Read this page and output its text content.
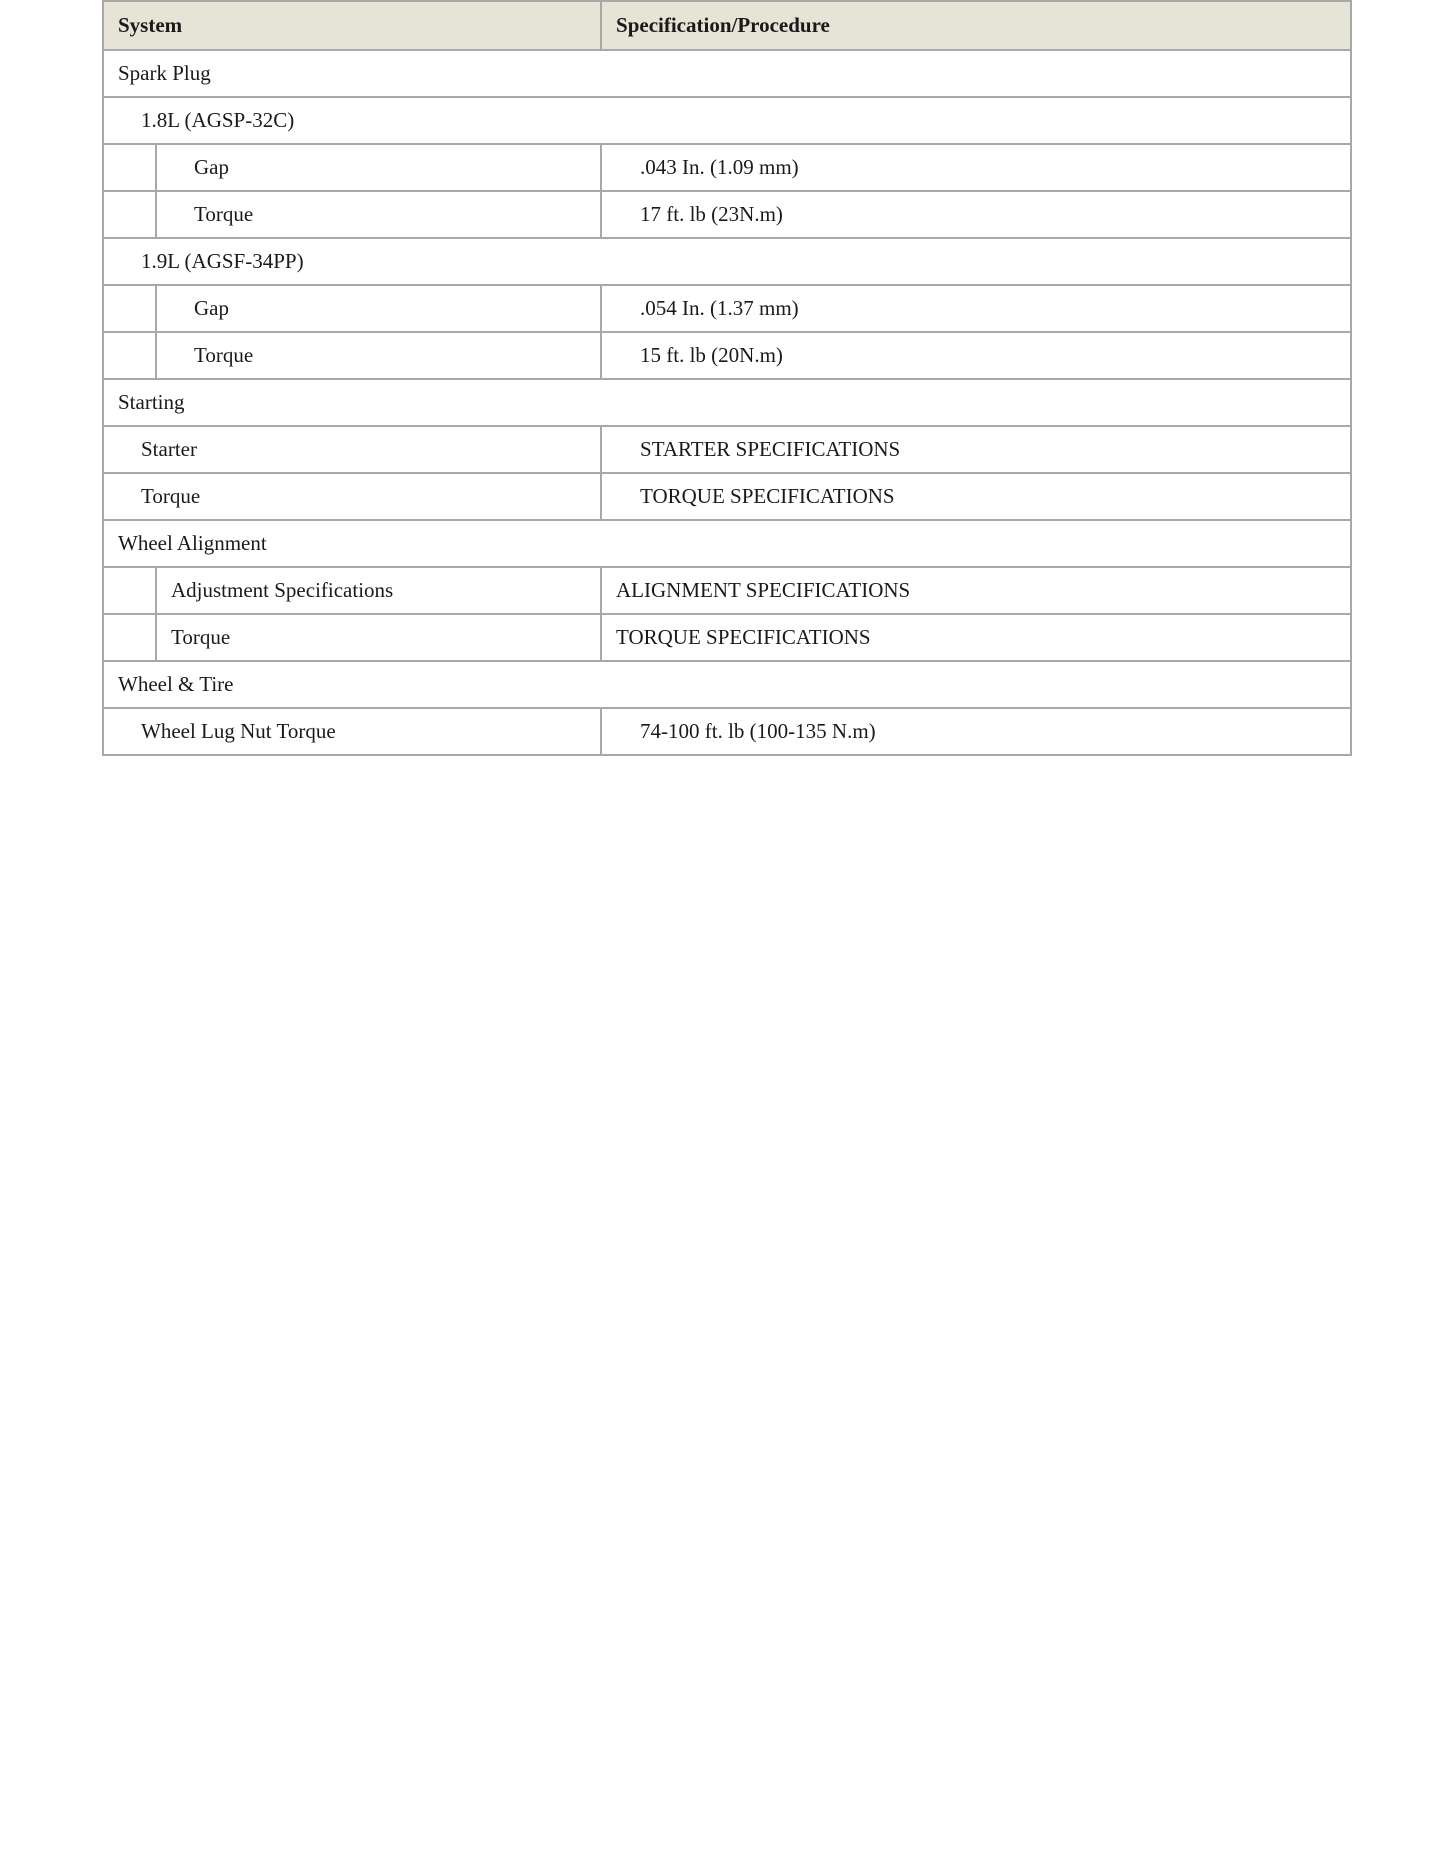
System		Specification/Procedure
Spark Plug		
1.8L (AGSP-32C)		
	Gap	.043 In. (1.09 mm)
	Torque	17 ft. lb (23N.m)
1.9L (AGSF-34PP)		
	Gap	.054 In. (1.37 mm)
	Torque	15 ft. lb (20N.m)
Starting		
Starter		STARTER SPECIFICATIONS
Torque		TORQUE SPECIFICATIONS
Wheel Alignment		
	Adjustment Specifications	ALIGNMENT SPECIFICATIONS
	Torque	TORQUE SPECIFICATIONS
Wheel & Tire		
Wheel Lug Nut Torque		74-100 ft. lb (100-135 N.m)
